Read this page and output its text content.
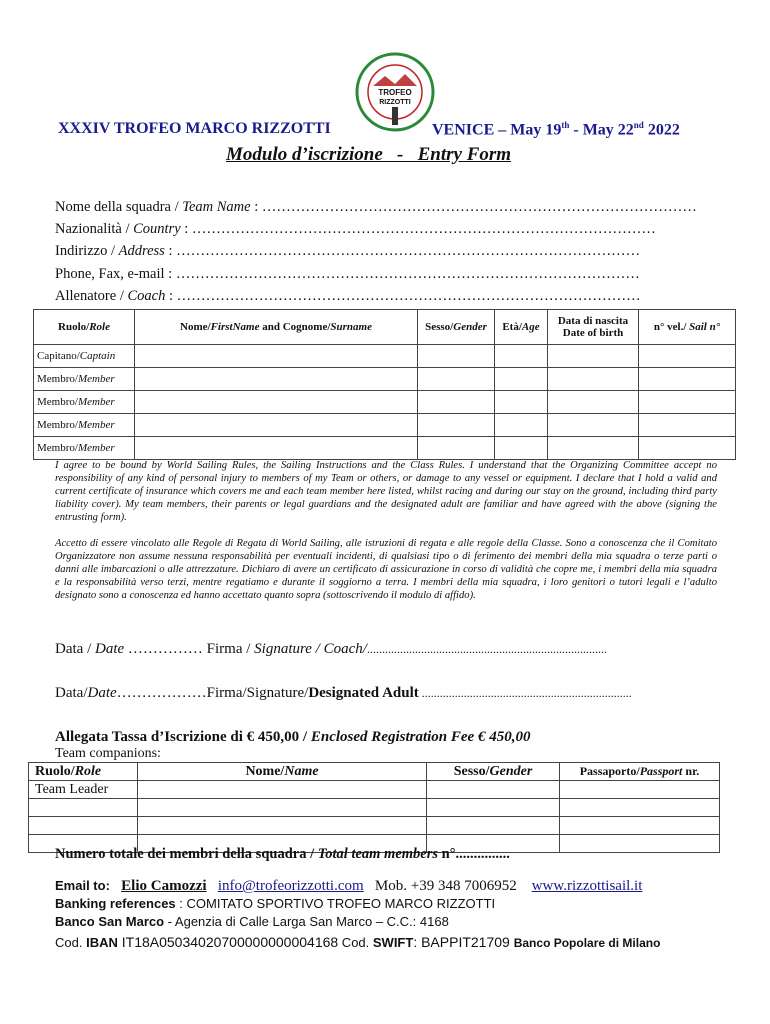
TROFEO
RIZZOTTI
XXXIV TROFEO MARCO RIZZOTTI	VENICE – May 19th - May 22nd 2022
Modulo d’iscrizione   -   Entry Form
Nome della squadra / Team Name : ………………………………………………………………………………
Nazionalità / Country : ……………………………………………………………………………………
Indirizzo / Address : ……………………………………………………………………………………
Phone, Fax, e-mail : ……………………………………………………………………………………
Allenatore / Coach : ……………………………………………………………………………………
Ruolo/Role	Nome/FirstName and Cognome/Surname	Sesso/Gender	Età/Age	Data di nascita
Date of birth	n° vel./ Sail n°
Capitano/Captain					
Membro/Member					
Membro/Member					
Membro/Member					
Membro/Member					
I agree to be bound by World Sailing Rules, the Sailing Instructions and the Class Rules. I understand that the Organizing Committee accept no responsibility of any kind of personal injury to members of my Team or others, or damage to any vessel or equipment. I declare that I hold a valid and current certificate of insurance which covers me and each team member here listed, whilst racing and during our stay on the ground, including third party liability cover). My team members, their parents or legal guardians and the designated adult are familiar and have agreed with the above (signing the entrusting form).
Accetto di essere vincolato alle Regole di Regata di World Sailing, alle istruzioni di regata e alle regole della Classe. Sono a conoscenza che il Comitato Organizzatore non assume nessuna responsabilità per eventuali incidenti, di qualsiasi tipo o di ferimento dei membri della mia squadra o terze parti o danni alle imbarcazioni o alle attrezzature. Dichiaro di avere un certificato di assicurazione in corso di validità che copre me, i membri della mia squadra e la responsabilità verso terzi, mentre regatiamo e durante il soggiorno a terra. I membri della mia squadra, i loro genitori o tutori legali e l’adulto designato sono a conoscenza ed hanno accettato quanto sopra (sottoscrivendo il modulo di affido).
Data / Date …………… Firma / Signature / Coach/................................................................................
Data/Date………………Firma/Signature/Designated Adult ......................................................................
Allegata Tassa d’Iscrizione di € 450,00 / Enclosed Registration Fee € 450,00
Team companions:
Ruolo/Role	Nome/Name	Sesso/Gender	Passaporto/Passport nr.
Team Leader			

Numero totale dei membri della squadra / Total team members n°...............
Email to: Elio Camozzi info@trofeorizzotti.com Mob. +39 348 7006952 www.rizzottisail.it
Banking references : COMITATO SPORTIVO TROFEO MARCO RIZZOTTI
Banco San Marco - Agenzia di Calle Larga San Marco – C.C.: 4168
Cod. IBAN IT18A05034020700000000004168 Cod. SWIFT: BAPPIT21709 Banco Popolare di Milano
